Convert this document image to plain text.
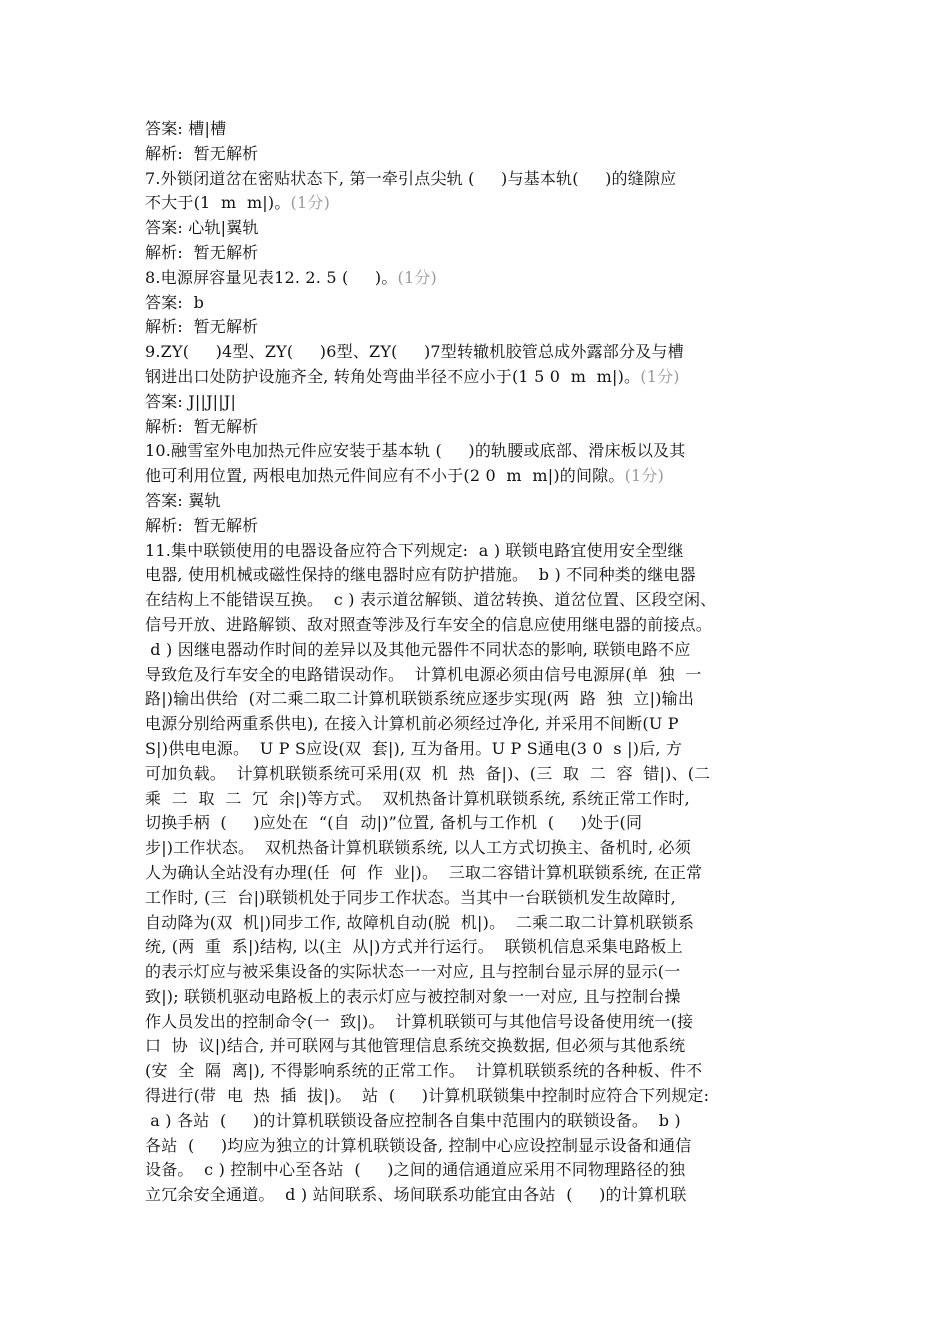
答案: 槽|槽
解析:  暂无解析
7.外锁闭道岔在密贴状态下, 第一牵引点尖轨 (     )与基本轨(     )的缝隙应
不大于(1  m  m|)。(1分)
答案: 心轨|翼轨
解析:  暂无解析
8.电源屏容量见表12. 2. 5 (     )。(1分)
答案:  b
解析:  暂无解析
9.ZY(     )4型、ZY(     )6型、ZY(     )7型转辙机胶管总成外露部分及与槽
钢进出口处防护设施齐全, 转角处弯曲半径不应小于(1 5 0  m  m|)。(1分)
答案: J||J||J|
解析:  暂无解析
10.融雪室外电加热元件应安装于基本轨 (     )的轨腰或底部、滑床板以及其
他可利用位置, 两根电加热元件间应有不小于(2 0  m  m|)的间隙。(1分)
答案: 翼轨
解析:  暂无解析
11.集中联锁使用的电器设备应符合下列规定:  a ) 联锁电路宜使用安全型继
电器, 使用机械或磁性保持的继电器时应有防护措施。  b ) 不同种类的继电器
在结构上不能错误互换。  c ) 表示道岔解锁、道岔转换、道岔位置、区段空闲、
信号开放、进路解锁、敌对照查等涉及行车安全的信息应使用继电器的前接点。
d ) 因继电器动作时间的差异以及其他元器件不同状态的影响, 联锁电路不应
导致危及行车安全的电路错误动作。  计算机电源必须由信号电源屏(单  独  一
路|)输出供给  (对二乘二取二计算机联锁系统应逐步实现(两  路  独  立|)输出
电源分别给两重系供电), 在接入计算机前必须经过净化, 并采用不间断(U P
S|)供电电源。  U P S应设(双  套|), 互为备用。U P S通电(3 0  s |)后, 方
可加负载。  计算机联锁系统可采用(双  机  热  备|)、(三  取  二  容  错|)、(二
乘  二  取  二  冗  余|)等方式。  双机热备计算机联锁系统, 系统正常工作时,
切换手柄  (     )应处在  “(自  动|)”位置, 备机与工作机  (     )处于(同
步|)工作状态。  双机热备计算机联锁系统, 以人工方式切换主、备机时, 必须
人为确认全站没有办理(任  何  作  业|)。  三取二容错计算机联锁系统, 在正常
工作时, (三  台|)联锁机处于同步工作状态。当其中一台联锁机发生故障时,
自动降为(双  机|)同步工作, 故障机自动(脱  机|)。  二乘二取二计算机联锁系
统, (两  重  系|)结构, 以(主  从|)方式并行运行。  联锁机信息采集电路板上
的表示灯应与被采集设备的实际状态一一对应, 且与控制台显示屏的显示(一
致|); 联锁机驱动电路板上的表示灯应与被控制对象一一对应, 且与控制台操
作人员发出的控制命令(一  致|)。  计算机联锁可与其他信号设备使用统一(接
口  协  议|)结合, 并可联网与其他管理信息系统交换数据, 但必须与其他系统
(安  全  隔  离|), 不得影响系统的正常工作。  计算机联锁系统的各种板、件不
得进行(带  电  热  插  拔|)。  站  (     )计算机联锁集中控制时应符合下列规定:
a ) 各站  (     )的计算机联锁设备应控制各自集中范围内的联锁设备。  b )
各站  (     )均应为独立的计算机联锁设备, 控制中心应设控制显示设备和通信
设备。  c ) 控制中心至各站  (     )之间的通信通道应采用不同物理路径的独
立冗余安全通道。  d ) 站间联系、场间联系功能宜由各站  (     )的计算机联
